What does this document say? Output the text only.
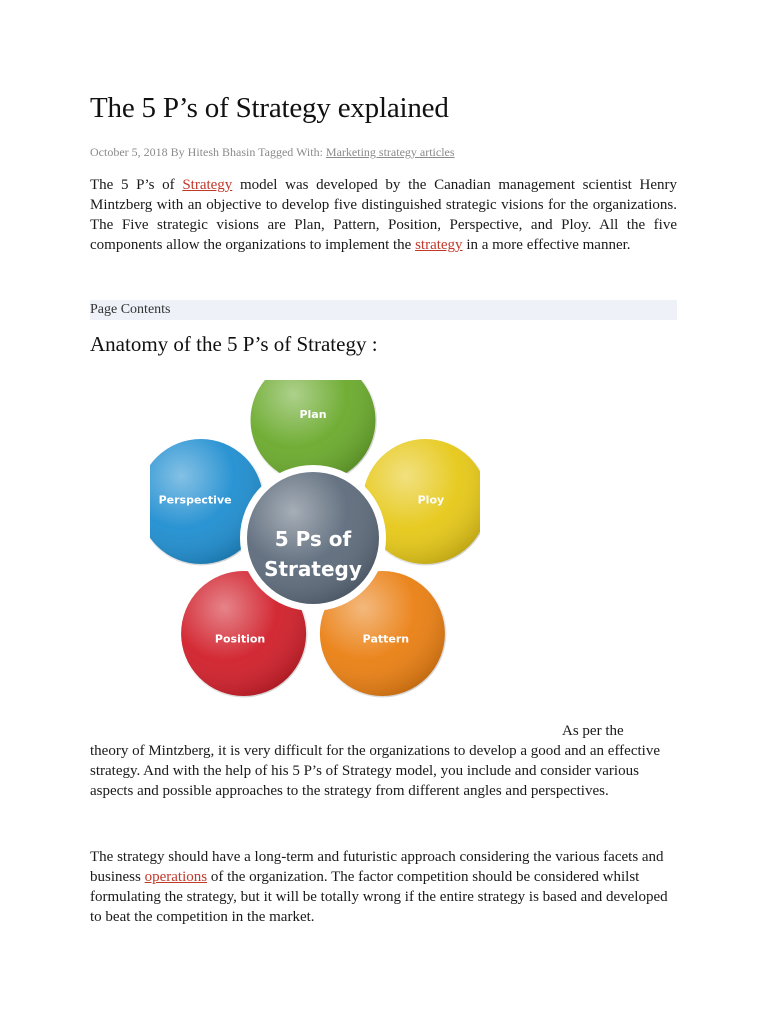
The 5 P’s of Strategy explained
October 5, 2018 By Hitesh Bhasin Tagged With: Marketing strategy articles

The 5 P’s of Strategy model was developed by the Canadian management scientist Henry Mintzberg with an objective to develop five distinguished strategic visions for the organizations. The Five strategic visions are Plan, Pattern, Position, Perspective, and Ploy. All the five components allow the organizations to implement the strategy in a more effective manner.

Page Contents
Anatomy of the 5 P’s of Strategy :
Plan
Ploy
Pattern
Position
Perspective
5 Ps of
Strategy

As per the
theory of Mintzberg, it is very difficult for the organizations to develop a good and an effective strategy. And with the help of his 5 P’s of Strategy model, you include and consider various aspects and possible approaches to the strategy from different angles and perspectives.

The strategy should have a long-term and futuristic approach considering the various facets and business operations of the organization. The factor competition should be considered whilst formulating the strategy, but it will be totally wrong if the entire strategy is based and developed to beat the competition in the market.
